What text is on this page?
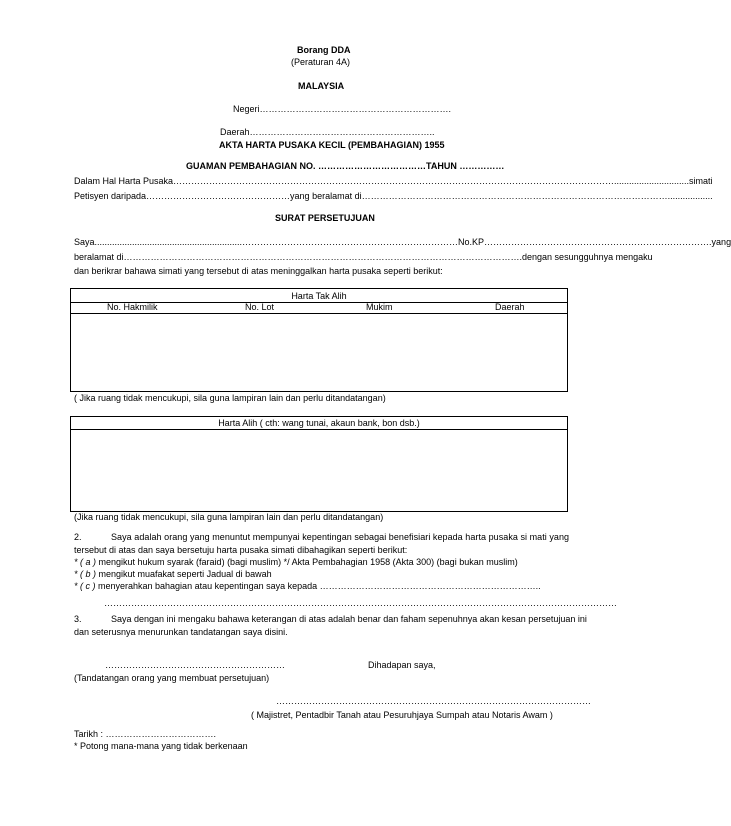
Borang DDA
(Peraturan 4A)
MALAYSIA
Negeri……………………………………………………….
Daerah……………………………………………………..
AKTA HARTA PUSAKA KECIL (PEMBAHAGIAN) 1955
GUAMAN PEMBAHAGIAN NO. ………………………………TAHUN ……………
Dalam Hal Harta Pusaka…………………………………………………………………………………………………………………………………..............................simati
Petisyen daripada…………………………………………yang beralamat di…………………………………………………………………………………………..................
SURAT PERSETUJUAN
Saya...........................................................………………………………………………………………No.KP………………………………………………………………….yang
beralamat di…………………………………………………………………………………………………………………….dengan sesungguhnya mengaku
dan berikrar bahawa simati yang tersebut di atas meninggalkan harta pusaka seperti berikut:
Harta Tak Alih
No. Hakmilik	No. Lot	Mukim	Daerah
( Jika ruang tidak mencukupi, sila guna lampiran lain dan perlu ditandatangan)
Harta Alih ( cth: wang tunai, akaun bank, bon dsb.)
(Jika ruang tidak mencukupi, sila guna lampiran lain dan perlu ditandatangan)
2.	Saya adalah orang yang menuntut mempunyai kepentingan sebagai benefisiari kepada harta pusaka si mati yang
tersebut di atas dan saya bersetuju harta pusaka simati dibahagikan seperti berikut:
* ( a ) mengikut hukum syarak (faraid) (bagi muslim) */ Akta Pembahagian 1958 (Akta 300) (bagi bukan muslim)
* ( b ) mengikut muafakat seperti Jadual di bawah
* ( c ) menyerahkan bahagian atau kepentingan saya kepada ………………………………………………………………..
………………………………………………………………………………………………………………………………………………………
3.	Saya dengan ini mengaku bahawa keterangan di atas adalah benar dan faham sepenuhnya akan kesan persetujuan ini
dan seterusnya menurunkan tandatangan saya disini.
……………………………………………………	Dihadapan saya,
(Tandatangan orang yang membuat persetujuan)
……………………………………………………………………………………………
( Majistret, Pentadbir Tanah atau Pesuruhjaya Sumpah atau Notaris Awam )
Tarikh : ……………………………….
* Potong mana-mana yang tidak berkenaan
